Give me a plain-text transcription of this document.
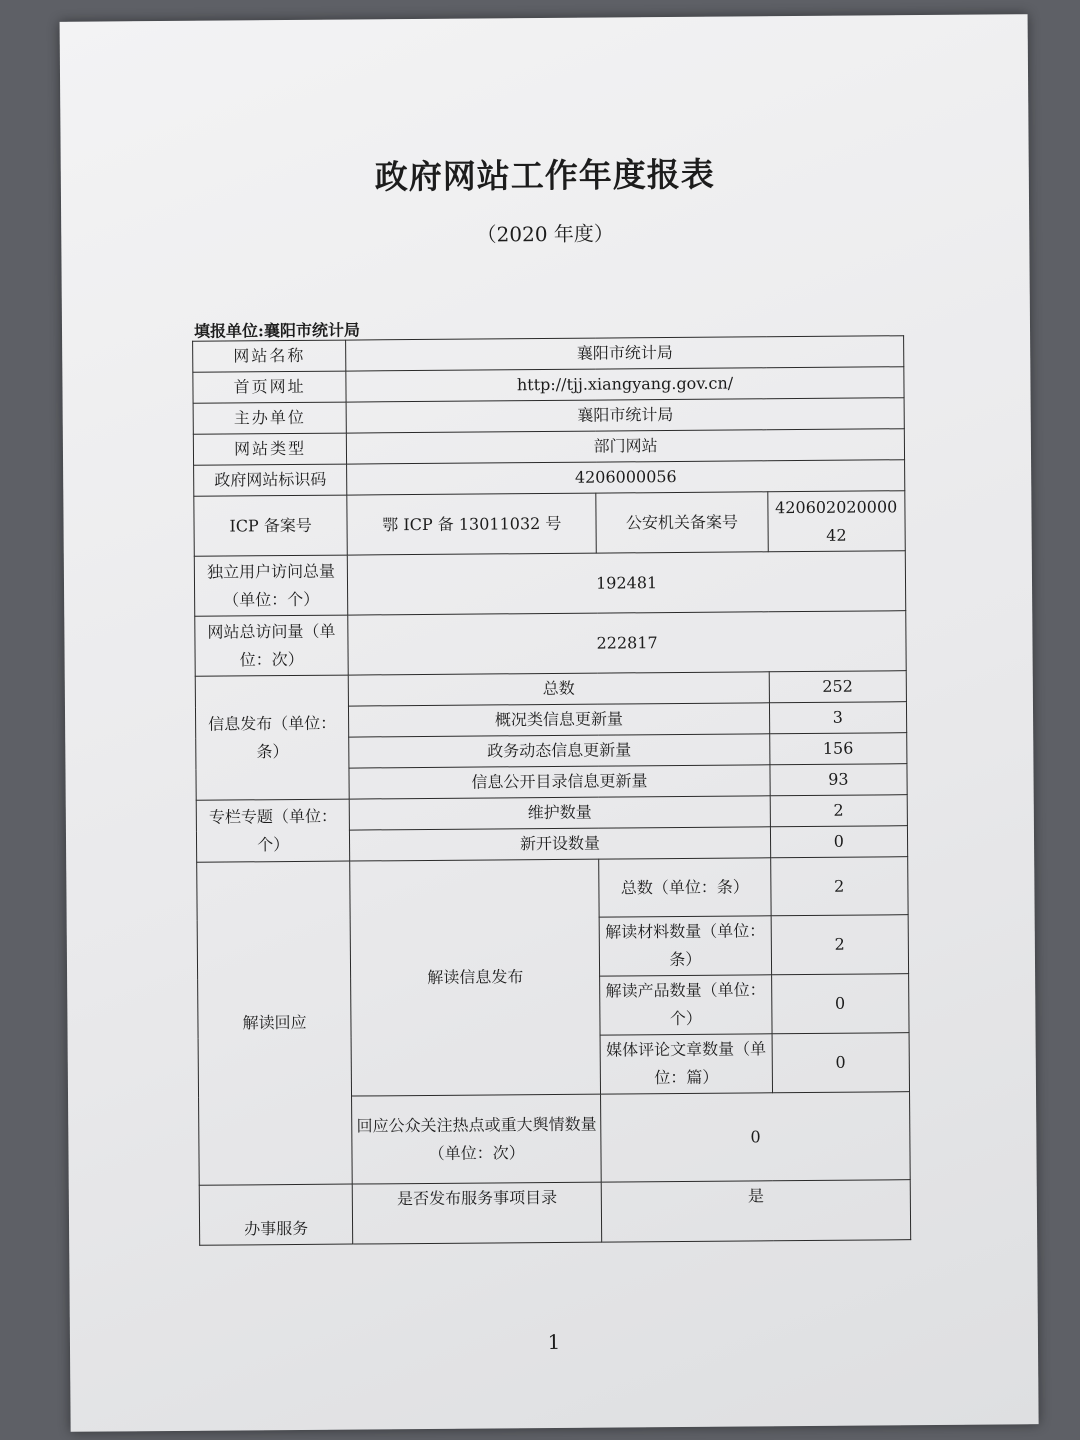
政府网站工作年度报表
（2020 年度）
填报单位:襄阳市统计局
网站名称	襄阳市统计局		
首页网址	http://tjj.xiangyang.gov.cn/		
主办单位	襄阳市统计局		
网站类型	部门网站		
政府网站标识码	4206000056		
ICP 备案号	鄂 ICP 备 13011032 号	公安机关备案号	42060202000042
独立用户访问总量（单位：个）	192481		
网站总访问量（单位：次）	222817		
信息发布（单位：条）	总数		252
	概况类信息更新量		3
	政务动态信息更新量		156
	信息公开目录信息更新量		93
专栏专题（单位：个）	维护数量		2
	新开设数量		0
解读回应	解读信息发布	总数（单位：条）	2
		解读材料数量（单位：条）	2
		解读产品数量（单位：个）	0
		媒体评论文章数量（单位：篇）	0
	回应公众关注热点或重大舆情数量（单位：次）	0	
办事服务	是否发布服务事项目录	是	
1
